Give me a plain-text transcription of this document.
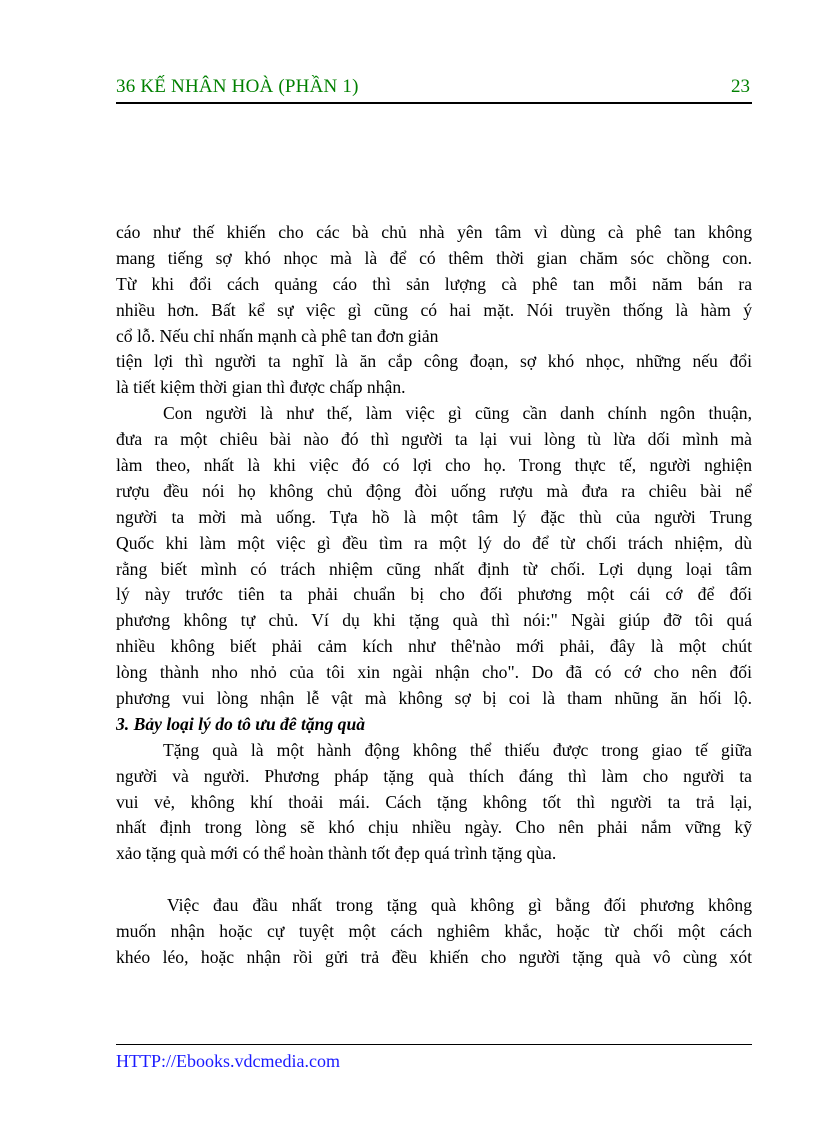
36 KẾ NHÂN HOÀ (PHẦN 1)	23
cáo như thế khiến cho các bà chủ nhà yên tâm vì dùng cà phê tan không
mang tiếng sợ khó nhọc mà là để có thêm thời gian chăm sóc chồng con.
Từ khi đổi cách quảng cáo thì sản lượng cà phê tan mỗi năm bán ra
nhiều hơn. Bất kể sự việc gì cũng có hai mặt. Nói truyền thống là hàm ý
cổ lỗ. Nếu chỉ nhấn mạnh cà phê tan đơn giản
tiện lợi thì người ta nghĩ là ăn cắp công đoạn, sợ khó nhọc, những nếu đổi
là tiết kiệm thời gian thì được chấp nhận.
Con người là như thế, làm việc gì cũng cần danh chính ngôn thuận,
đưa ra một chiêu bài nào đó thì người ta lại vui lòng tù lừa dối mình mà
làm theo, nhất là khi việc đó có lợi cho họ. Trong thực tế, người nghiện
rượu đều nói họ không chủ động đòi uống rượu mà đưa ra chiêu bài nể
người ta mời mà uống. Tựa hồ là một tâm lý đặc thù của người Trung
Quốc khi làm một việc gì đều tìm ra một lý do để từ chối trách nhiệm, dù
rằng biết mình có trách nhiệm cũng nhất định từ chối. Lợi dụng loại tâm
lý này trước tiên ta phải chuẩn bị cho đối phương một cái cớ để đối
phương không tự chủ. Ví dụ khi tặng quà thì nói:" Ngài giúp đỡ tôi quá
nhiều không biết phải cảm kích như thê'nào mới phải, đây là một chút
lòng thành nho nhỏ của tôi xin ngài nhận cho". Do đã có cớ cho nên đối
phương vui lòng nhận lễ vật mà không sợ bị coi là tham nhũng ăn hối lộ.
3. Bảy loại lý do tô ưu đê tặng quà
Tặng quà là một hành động không thể thiếu được trong giao tế giữa
người và người. Phương pháp tặng quà thích đáng thì làm cho người ta
vui vẻ, không khí thoải mái. Cách tặng không tốt thì người ta trả lại,
nhất định trong lòng sẽ khó chịu nhiều ngày. Cho nên phải nắm vững kỹ
xảo tặng quà mới có thể hoàn thành tốt đẹp quá trình tặng qùa.
Việc đau đầu nhất trong tặng quà không gì bằng đối phương không
muốn nhận hoặc cự tuyệt một cách nghiêm khắc, hoặc từ chối một cách
khéo léo, hoặc nhận rồi gửi trả đều khiến cho người tặng quà vô cùng xót
HTTP://Ebooks.vdcmedia.com
